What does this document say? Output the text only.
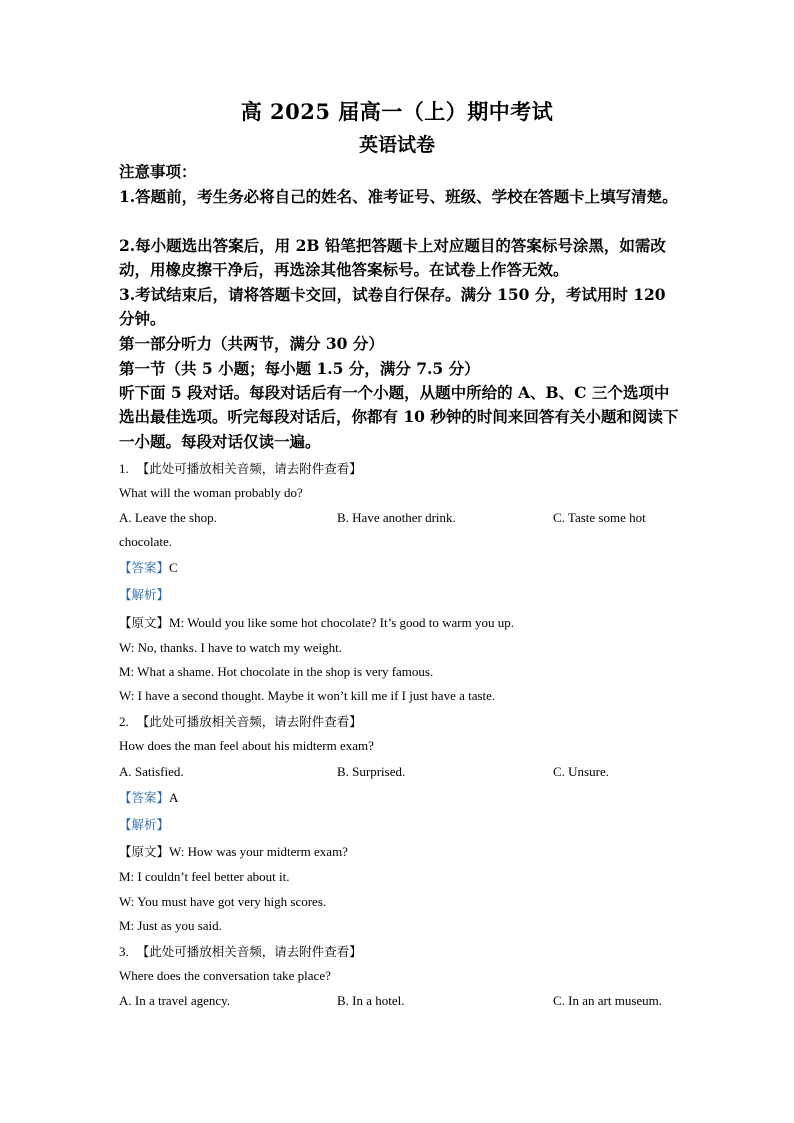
高 2025 届高一（上）期中考试
英语试卷
注意事项：
1.答题前，考生务必将自己的姓名、准考证号、班级、学校在答题卡上填写清楚。
2.每小题选出答案后，用 2B 铅笔把答题卡上对应题目的答案标号涂黑，如需改动，用橡皮擦干净后，再选涂其他答案标号。在试卷上作答无效。
3.考试结束后，请将答题卡交回，试卷自行保存。满分 150 分，考试用时 120 分钟。
第一部分听力（共两节，满分 30 分）
第一节（共 5 小题；每小题 1.5 分，满分 7.5 分）
听下面 5 段对话。每段对话后有一个小题，从题中所给的 A、B、C 三个选项中选出最佳选项。听完每段对话后，你都有 10 秒钟的时间来回答有关小题和阅读下一小题。每段对话仅读一遍。
1. 【此处可播放相关音频，请去附件查看】
What will the woman probably do?
A. Leave the shop.	B. Have another drink.	C. Taste some hot
chocolate.
【答案】C
【解析】
【原文】M: Would you like some hot chocolate? It’s good to warm you up.
W: No, thanks. I have to watch my weight.
M: What a shame. Hot chocolate in the shop is very famous.
W: I have a second thought. Maybe it won’t kill me if I just have a taste.
2. 【此处可播放相关音频，请去附件查看】
How does the man feel about his midterm exam?
A. Satisfied.	B. Surprised.	C. Unsure.
【答案】A
【解析】
【原文】W: How was your midterm exam?
M: I couldn’t feel better about it.
W: You must have got very high scores.
M: Just as you said.
3. 【此处可播放相关音频，请去附件查看】
Where does the conversation take place?
A. In a travel agency.	B. In a hotel.	C. In an art museum.
